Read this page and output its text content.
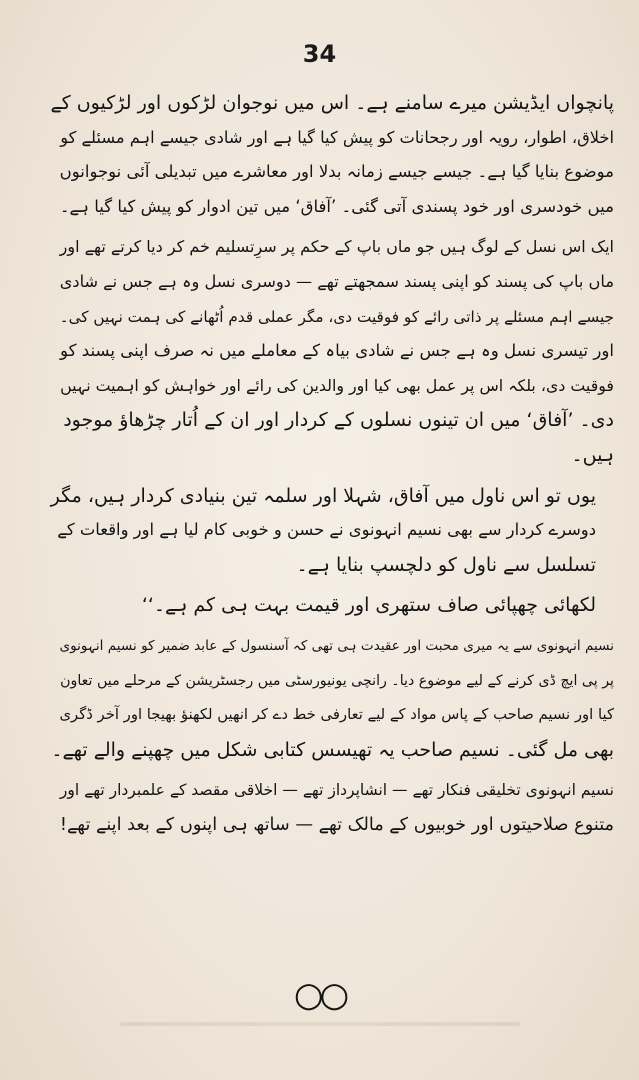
34

پانچواں ایڈیشن میرے سامنے ہے۔ اس میں نوجوان لڑکوں اور لڑکیوں کے
اخلاق، اطوار، رویہ اور رجحانات کو پیش کیا گیا ہے اور شادی جیسے اہم مسئلے کو
موضوع بنایا گیا ہے۔ جیسے جیسے زمانہ بدلا اور معاشرے میں تبدیلی آئی نوجوانوں
میں خودسری اور خود پسندی آتی گئی۔ ’آفاق‘ میں تین ادوار کو پیش کیا گیا ہے۔

ایک اس نسل کے لوگ ہیں جو ماں باپ کے حکم پر سرِتسلیم خم کر دیا کرتے تھے اور
ماں باپ کی پسند کو اپنی پسند سمجھتے تھے — دوسری نسل وہ ہے جس نے شادی
جیسے اہم مسئلے پر ذاتی رائے کو فوقیت دی، مگر عملی قدم اُٹھانے کی ہمت نہیں کی۔
اور تیسری نسل وہ ہے جس نے شادی بیاہ کے معاملے میں نہ صرف اپنی پسند کو
فوقیت دی، بلکہ اس پر عمل بھی کیا اور والدین کی رائے اور خواہش کو اہمیت نہیں
دی۔ ’آفاق‘ میں ان تینوں نسلوں کے کردار اور ان کے اُتار چڑھاؤ موجود
ہیں۔

یوں تو اس ناول میں آفاق، شہلا اور سلمہ تین بنیادی کردار ہیں، مگر
دوسرے کردار سے بھی نسیم انہونوی نے حسن و خوبی کام لیا ہے اور واقعات کے
تسلسل سے ناول کو دلچسپ بنایا ہے۔

لکھائی چھپائی صاف ستھری اور قیمت بہت ہی کم ہے۔‘‘

نسیم انہونوی سے یہ میری محبت اور عقیدت ہی تھی کہ آسنسول کے عابد ضمیر کو نسیم انہونوی
پر پی ایچ ڈی کرنے کے لیے موضوع دیا۔ رانچی یونیورسٹی میں رجسٹریشن کے مرحلے میں تعاون
کیا اور نسیم صاحب کے پاس مواد کے لیے تعارفی خط دے کر انھیں لکھنؤ بھیجا اور آخر ڈگری
بھی مل گئی۔ نسیم صاحب یہ تھیسس کتابی شکل میں چھپنے والے تھے۔

نسیم انہونوی تخلیقی فنکار تھے — انشاپرداز تھے — اخلاقی مقصد کے علمبردار تھے اور
متنوع صلاحیتوں اور خوبیوں کے مالک تھے — ساتھ ہی اپنوں کے بعد اپنے تھے!

○○
